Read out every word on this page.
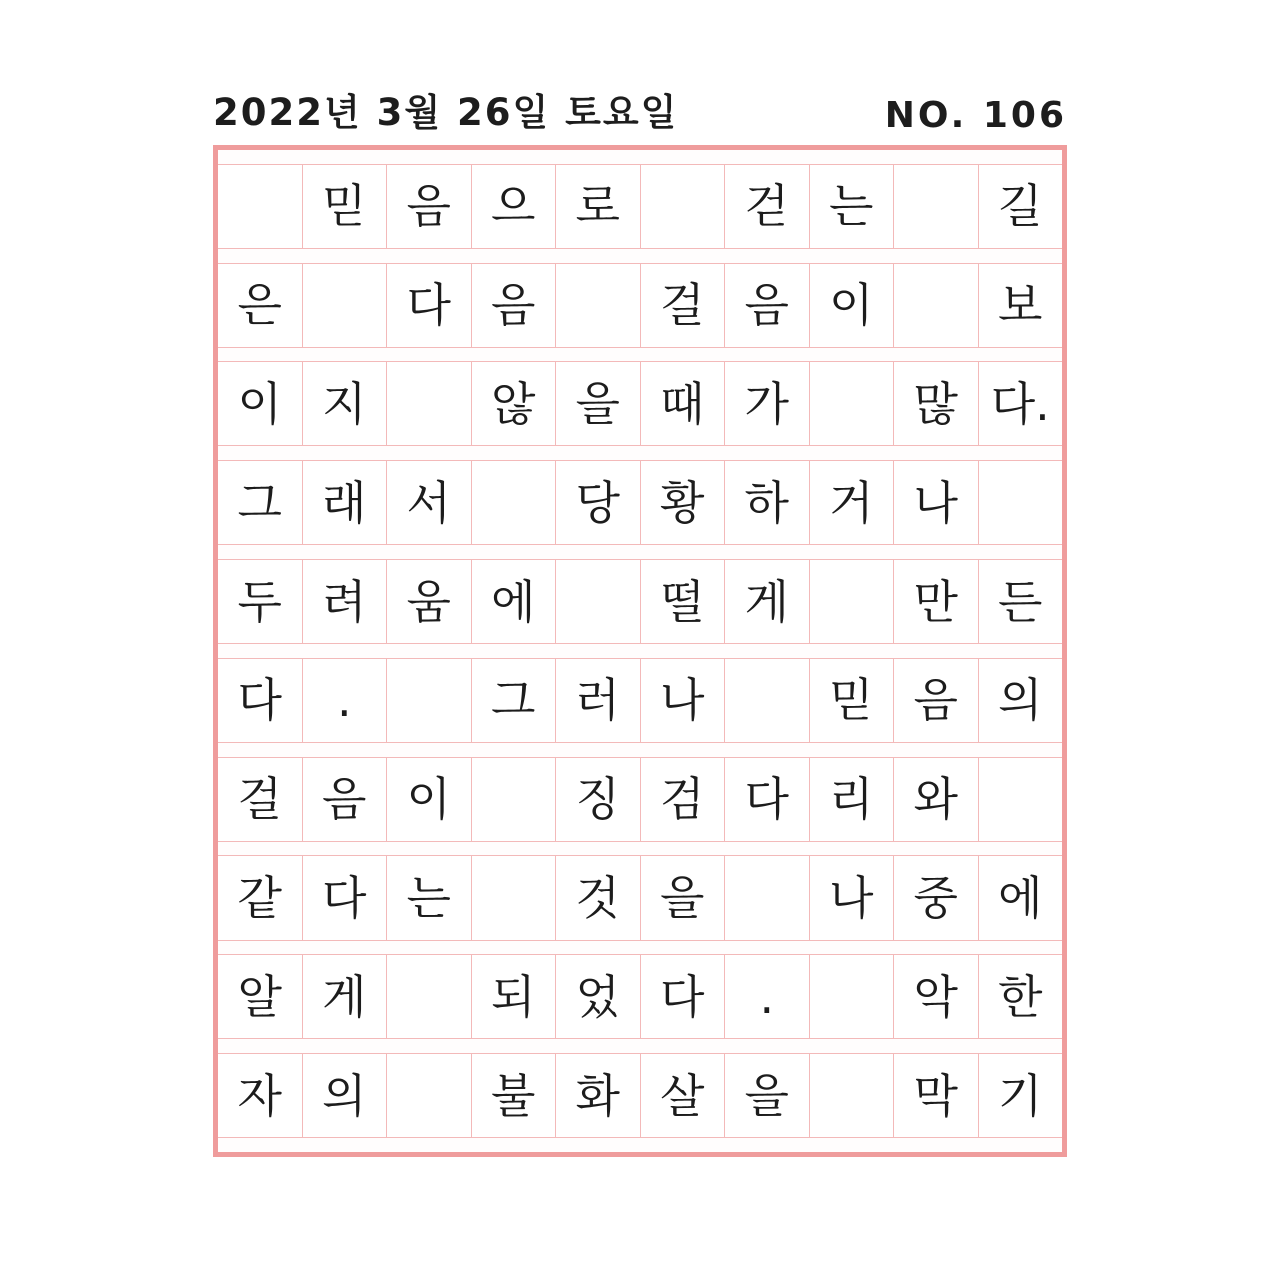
2022년 3월 26일 토요일	NO. 106
믿 음 으 로	걷 는	길
은	다 음	걸 음 이	보
이 지	않 을 때 가	많 다.
그 래 서	당 황 하 거 나
두 려 움 에	떨 게	만 든
다	.	그 러 나	믿 음 의
걸 음 이	징 검 다 리 와
같 다 는	것 을	나 중 에
알 게	되 었 다	.	악 한
자 의	불 화 살 을	막 기
